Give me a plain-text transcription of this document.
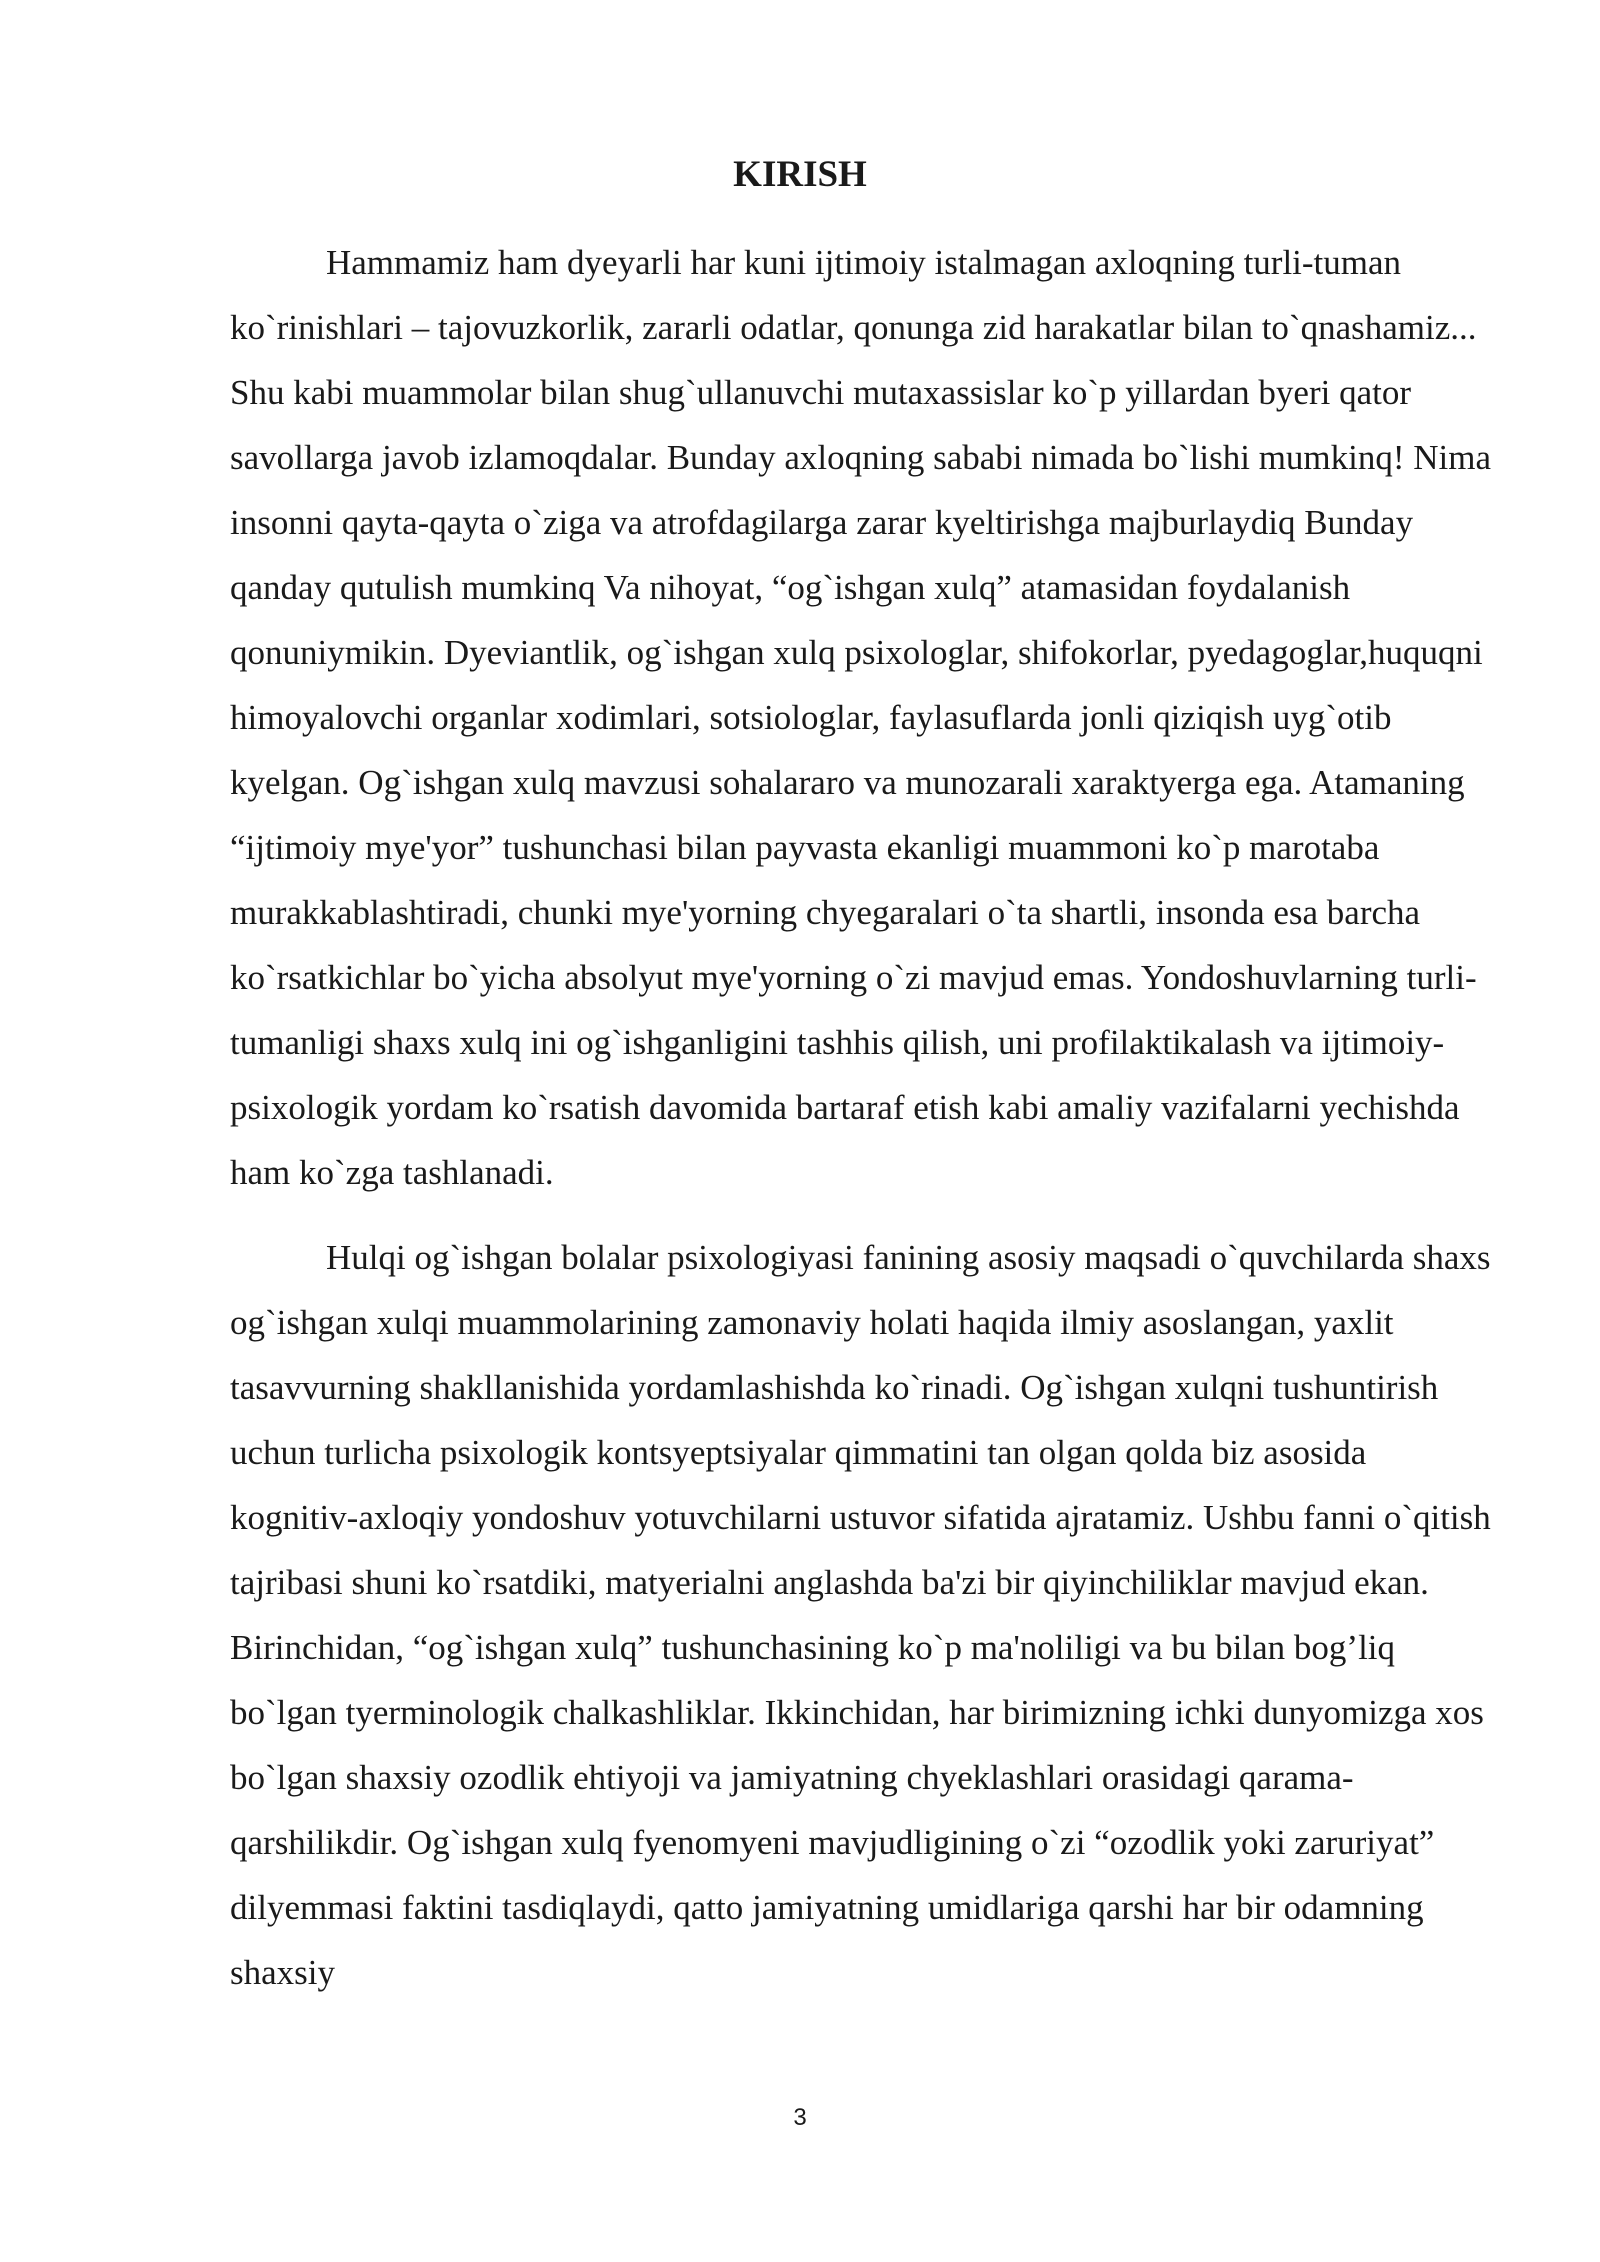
KIRISH

Hammamiz ham dyeyarli har kuni ijtimoiy istalmagan axloqning turli-tuman ko`rinishlari – tajovuzkorlik, zararli odatlar, qonunga zid harakatlar bilan to`qnashamiz... Shu kabi muammolar bilan shug`ullanuvchi mutaxassislar ko`p yillardan byeri qator savollarga javob izlamoqdalar. Bunday axloqning sababi nimada bo`lishi mumkinq! Nima insonni qayta-qayta o`ziga va atrofdagilarga zarar kyeltirishga majburlaydiq Bunday qanday qutulish mumkinq Va nihoyat, “og`ishgan xulq” atamasidan foydalanish qonuniymikin. Dyeviantlik, og`ishgan xulq psixologlar, shifokorlar, pyedagoglar,huquqni himoyalovchi organlar xodimlari, sotsiologlar, faylasuflarda jonli qiziqish uyg`otib kyelgan. Og`ishgan xulq mavzusi sohalararo va munozarali xaraktyerga ega. Atamaning “ijtimoiy mye'yor” tushunchasi bilan payvasta ekanligi muammoni ko`p marotaba murakkablashtiradi, chunki mye'yorning chyegaralari o`ta shartli, insonda esa barcha ko`rsatkichlar bo`yicha absolyut mye'yorning o`zi mavjud emas. Yondoshuvlarning turli-tumanligi shaxs xulq ini og`ishganligini tashhis qilish, uni profilaktikalash va ijtimoiy-psixologik yordam ko`rsatish davomida bartaraf etish kabi amaliy vazifalarni yechishda ham ko`zga tashlanadi.

Hulqi og`ishgan bolalar psixologiyasi fanining asosiy maqsadi o`quvchilarda shaxs og`ishgan xulqi muammolarining zamonaviy holati haqida ilmiy asoslangan, yaxlit tasavvurning shakllanishida yordamlashishda ko`rinadi. Og`ishgan xulqni tushuntirish uchun turlicha psixologik kontsyeptsiyalar qimmatini tan olgan qolda biz asosida kognitiv-axloqiy yondoshuv yotuvchilarni ustuvor sifatida ajratamiz. Ushbu fanni o`qitish tajribasi shuni ko`rsatdiki, matyerialni anglashda ba'zi bir qiyinchiliklar mavjud ekan. Birinchidan, “og`ishgan xulq” tushunchasining ko`p ma'noliligi va bu bilan bog’liq bo`lgan tyerminologik chalkashliklar. Ikkinchidan, har birimizning ichki dunyomizga xos bo`lgan shaxsiy ozodlik ehtiyoji va jamiyatning chyeklashlari orasidagi qarama-qarshilikdir. Og`ishgan xulq fyenomyeni mavjudligining o`zi “ozodlik yoki zaruriyat” dilyemmasi faktini tasdiqlaydi, qatto jamiyatning umidlariga qarshi har bir odamning shaxsiy

3
